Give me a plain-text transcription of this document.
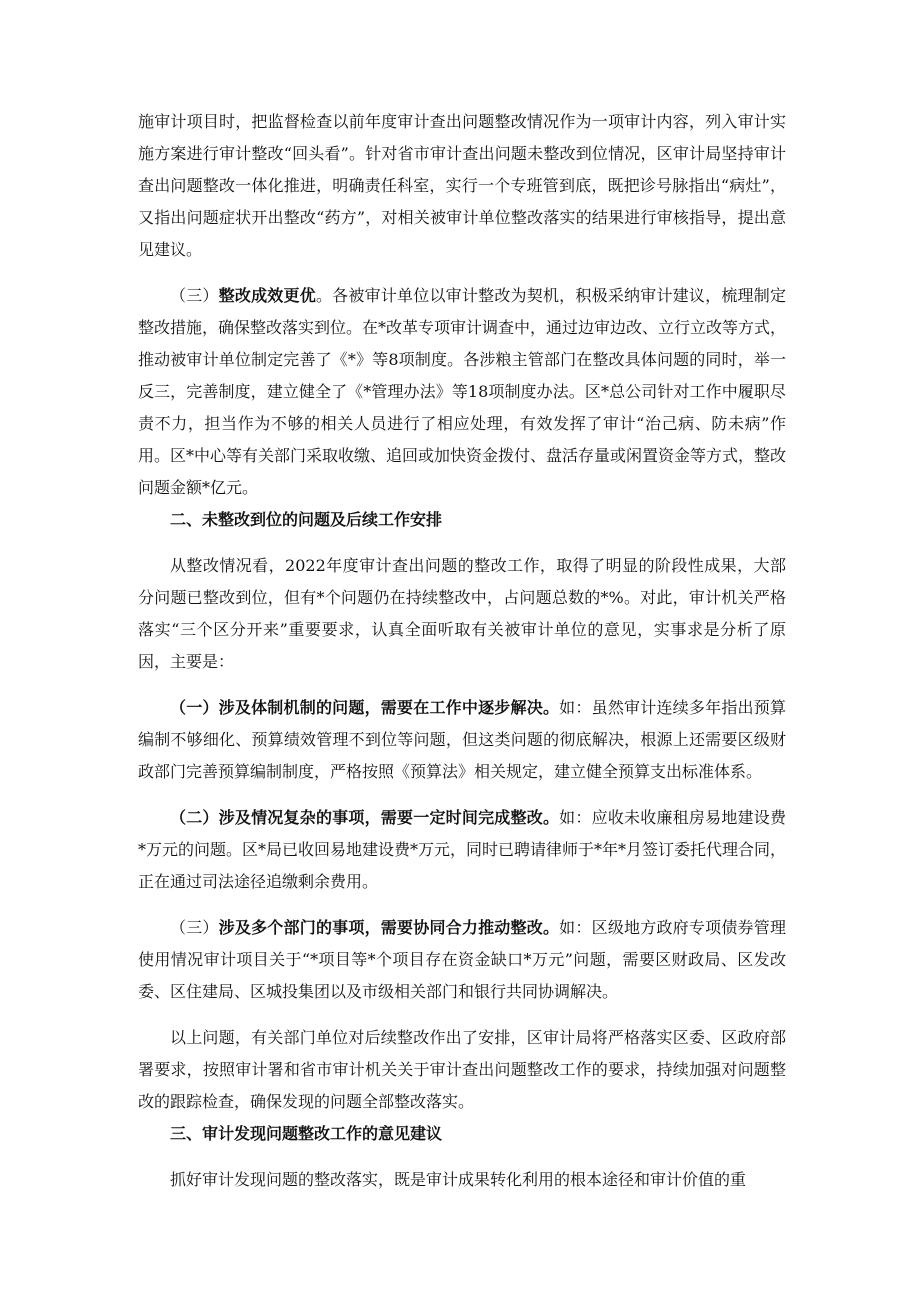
施审计项目时，把监督检查以前年度审计查出问题整改情况作为一项审计内容，列入审计实施方案进行审计整改“回头看”。针对省市审计查出问题未整改到位情况，区审计局坚持审计查出问题整改一体化推进，明确责任科室，实行一个专班管到底，既把诊号脉指出“病灶”，又指出问题症状开出整改“药方”，对相关被审计单位整改落实的结果进行审核指导，提出意见建议。

（三）整改成效更优。各被审计单位以审计整改为契机，积极采纳审计建议，梳理制定整改措施，确保整改落实到位。在*改革专项审计调查中，通过边审边改、立行立改等方式，推动被审计单位制定完善了《*》等8项制度。各涉粮主管部门在整改具体问题的同时，举一反三，完善制度，建立健全了《*管理办法》等18项制度办法。区*总公司针对工作中履职尽责不力，担当作为不够的相关人员进行了相应处理，有效发挥了审计“治己病、防未病”作用。区*中心等有关部门采取收缴、追回或加快资金拨付、盘活存量或闲置资金等方式，整改问题金额*亿元。

二、未整改到位的问题及后续工作安排

从整改情况看，2022年度审计查出问题的整改工作，取得了明显的阶段性成果，大部分问题已整改到位，但有*个问题仍在持续整改中，占问题总数的*%。对此，审计机关严格落实“三个区分开来”重要要求，认真全面听取有关被审计单位的意见，实事求是分析了原因，主要是：

（一）涉及体制机制的问题，需要在工作中逐步解决。如：虽然审计连续多年指出预算编制不够细化、预算绩效管理不到位等问题，但这类问题的彻底解决，根源上还需要区级财政部门完善预算编制制度，严格按照《预算法》相关规定，建立健全预算支出标准体系。

（二）涉及情况复杂的事项，需要一定时间完成整改。如：应收未收廉租房易地建设费*万元的问题。区*局已收回易地建设费*万元，同时已聘请律师于*年*月签订委托代理合同，正在通过司法途径追缴剩余费用。

（三）涉及多个部门的事项，需要协同合力推动整改。如：区级地方政府专项债券管理使用情况审计项目关于“*项目等*个项目存在资金缺口*万元”问题，需要区财政局、区发改委、区住建局、区城投集团以及市级相关部门和银行共同协调解决。

以上问题，有关部门单位对后续整改作出了安排，区审计局将严格落实区委、区政府部署要求，按照审计署和省市审计机关关于审计查出问题整改工作的要求，持续加强对问题整改的跟踪检查，确保发现的问题全部整改落实。

三、审计发现问题整改工作的意见建议

抓好审计发现问题的整改落实，既是审计成果转化利用的根本途径和审计价值的重
